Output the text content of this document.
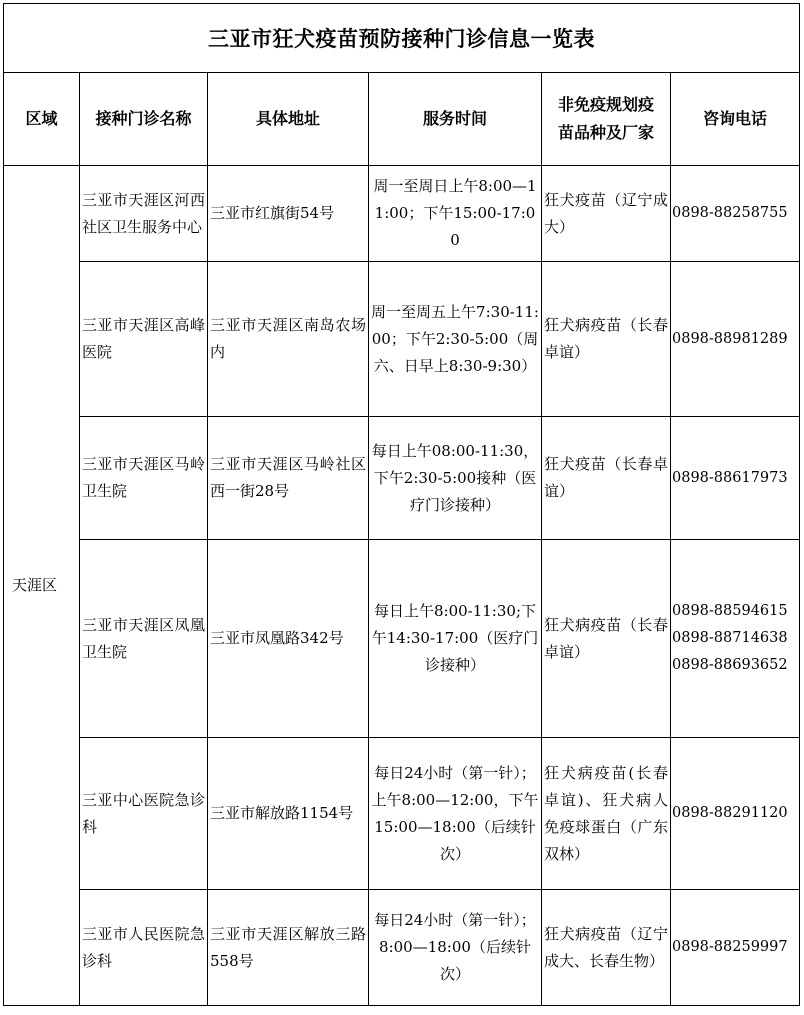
三亚市狂犬疫苗预防接种门诊信息一览表					
区域	接种门诊名称	具体地址	服务时间	非免疫规划疫苗品种及厂家	咨询电话
天涯区	三亚市天涯区河西社区卫生服务中心	三亚市红旗街54号	周一至周日上午8:00—11:00；下午15:00-17:00	狂犬疫苗（辽宁成大）	0898-88258755

	三亚市天涯区高峰医院	三亚市天涯区南岛农场内	周一至周五上午7:30-11:00；下午2:30-5:00（周六、日早上8:30-9:30）	狂犬病疫苗（长春卓谊）	0898-88981289

	三亚市天涯区马岭卫生院	三亚市天涯区马岭社区西一街28号	每日上午08:00-11:30，下午2:30-5:00接种（医疗门诊接种）	狂犬疫苗（长春卓谊）	0898-88617973

	三亚市天涯区凤凰卫生院	三亚市凤凰路342号	每日上午8:00-11:30;下午14:30-17:00（医疗门诊接种）	狂犬病疫苗（长春卓谊）	0898-88594615
0898-88714638
0898-88693652

	三亚中心医院急诊科	三亚市解放路1154号	每日24小时（第一针）；上午8:00—12:00，下午15:00—18:00（后续针次）	狂犬病疫苗(长春卓谊)、狂犬病人免疫球蛋白（广东双林）	0898-88291120

	三亚市人民医院急诊科	三亚市天涯区解放三路558号	每日24小时（第一针）；8:00—18:00（后续针次）	狂犬病疫苗（辽宁成大、长春生物）	0898-88259997
